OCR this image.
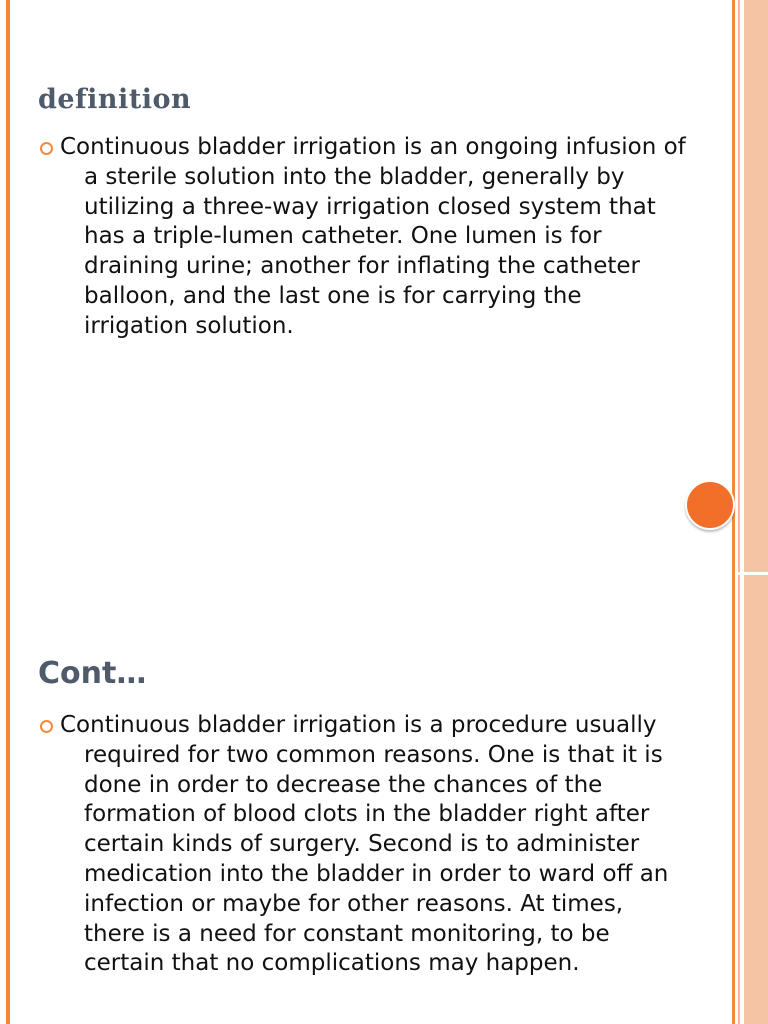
definition

Continuous bladder irrigation is an ongoing infusion of a sterile solution into the bladder, generally by utilizing a three-way irrigation closed system that has a triple-lumen catheter. One lumen is for draining urine; another for inflating the catheter balloon, and the last one is for carrying the irrigation solution.

Cont…

Continuous bladder irrigation is a procedure usually required for two common reasons. One is that it is done in order to decrease the chances of the formation of blood clots in the bladder right after certain kinds of surgery. Second is to administer medication into the bladder in order to ward off an infection or maybe for other reasons. At times, there is a need for constant monitoring, to be certain that no complications may happen.
